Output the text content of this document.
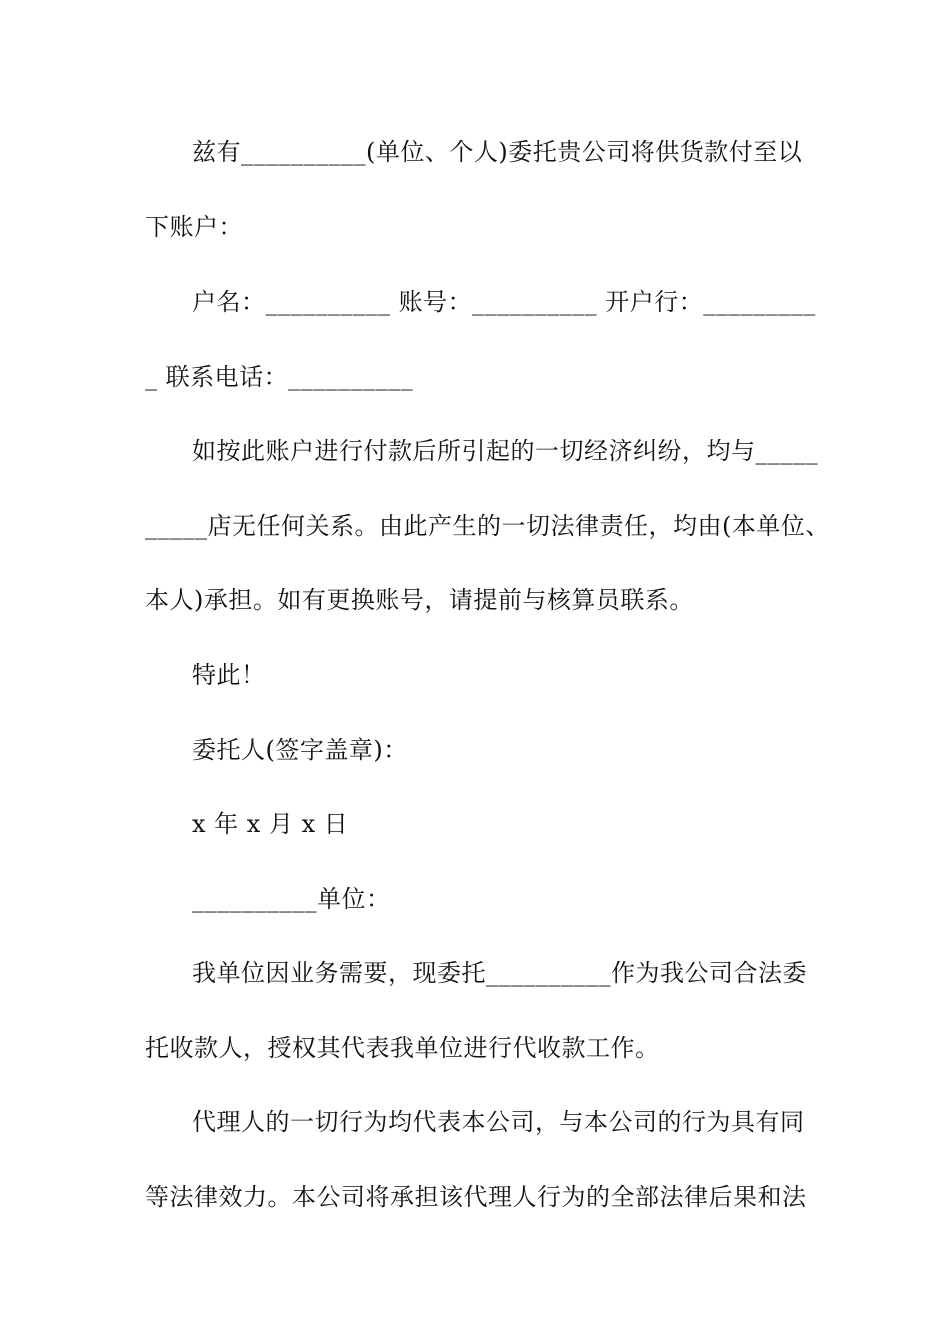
兹有__________(单位、个人)委托贵公司将供货款付至以
下账户：
户名：__________ 账号：__________ 开户行：_________
_ 联系电话：__________
如按此账户进行付款后所引起的一切经济纠纷，均与_____
_____店无任何关系。由此产生的一切法律责任，均由(本单位、
本人)承担。如有更换账号，请提前与核算员联系。
特此！
委托人(签字盖章)：
x 年 x 月 x 日
__________单位：
我单位因业务需要，现委托__________作为我公司合法委
托收款人，授权其代表我单位进行代收款工作。
代理人的一切行为均代表本公司，与本公司的行为具有同
等法律效力。本公司将承担该代理人行为的全部法律后果和法
